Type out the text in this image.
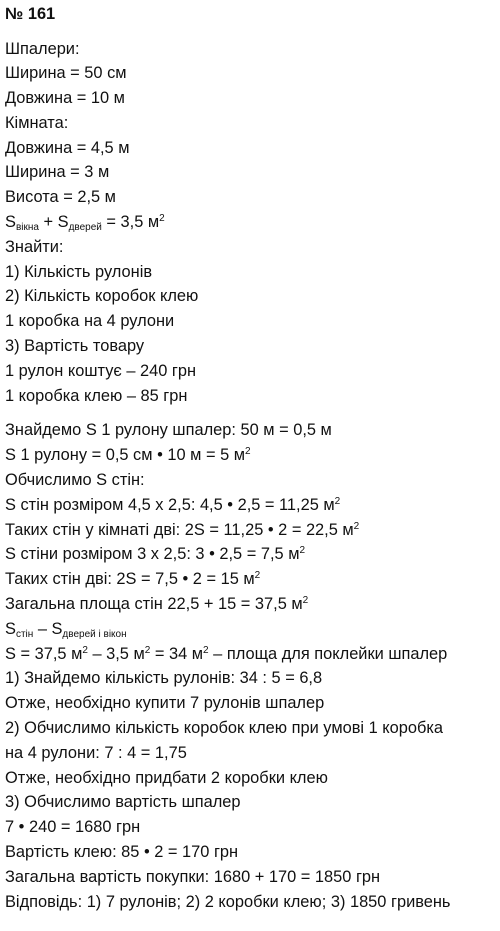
№ 161
Шпалери:
Ширина = 50 см
Довжина = 10 м
Кімната:
Довжина = 4,5 м
Ширина = 3 м
Висота = 2,5 м
$S_{вікна} + S_{дверей} = 3,5$ $м^2$
Знайти:
1) Кількість рулонів
2) Кількість коробок клею
1 коробка на 4 рулони
3) Вартість товару
1 рулон коштує – 240 грн
1 коробка клею – 85 грн
Знайдемо S 1 рулону шпалер: 50 м = 0,5 м
S 1 рулону = 0,5 см • 10 м = 5 $м^2$
Обчислимо S стін:
S стін розміром 4,5 х 2,5: 4,5 • 2,5 = 11,25 $м^2$
Таких стін у кімнаті дві: 2S = 11,25 • 2 = 22,5 $м^2$
S стіни розміром 3 х 2,5: 3 • 2,5 = 7,5 $м^2$
Таких стін дві: 2S = 7,5 • 2 = 15 $м^2$
Загальна площа стін 22,5 + 15 = 37,5 $м^2$
$S_{стін} - S_{дверей і вікон}$
S = 37,5 $м^2 - 3,5$ $м^2 = 34$ $м^2$ – площа для поклейки шпалер
1) Знайдемо кількість рулонів: 34 : 5 = 6,8
Отже, необхідно купити 7 рулонів шпалер
2) Обчислимо кількість коробок клею при умові 1 коробка
на 4 рулони: 7 : 4 = 1,75
Отже, необхідно придбати 2 коробки клею
3) Обчислимо вартість шпалер
7 • 240 = 1680 грн
Вартість клею: 85 • 2 = 170 грн
Загальна вартість покупки: 1680 + 170 = 1850 грн
Відповідь: 1) 7 рулонів; 2) 2 коробки клею; 3) 1850 гривень
